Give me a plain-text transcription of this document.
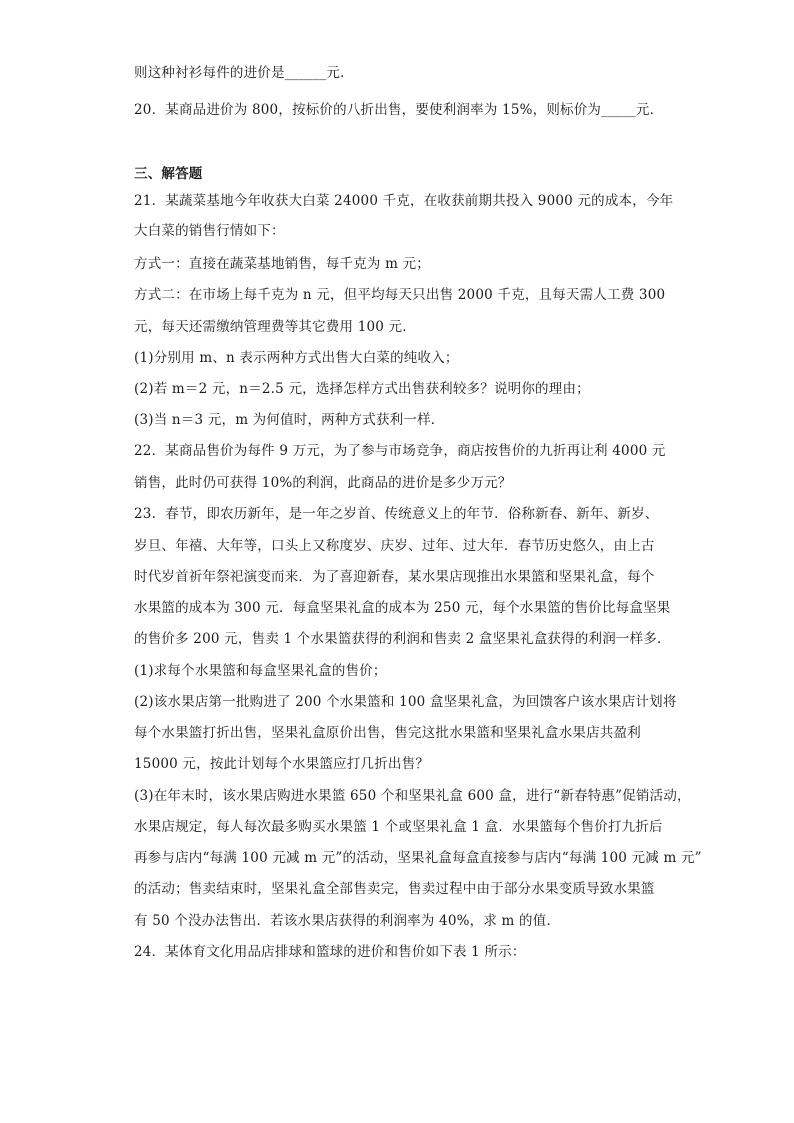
则这种衬衫每件的进价是______元．
20．某商品进价为 800，按标价的八折出售，要使利润率为 15%，则标价为_____元．
三、解答题
21．某蔬菜基地今年收获大白菜 24000 千克，在收获前期共投入 9000 元的成本，今年
大白菜的销售行情如下：
方式一：直接在蔬菜基地销售，每千克为 m 元；
方式二：在市场上每千克为 n 元，但平均每天只出售 2000 千克，且每天需人工费 300
元，每天还需缴纳管理费等其它费用 100 元．
(1)分别用 m、n 表示两种方式出售大白菜的纯收入；
(2)若 m＝2 元，n＝2.5 元，选择怎样方式出售获利较多？说明你的理由；
(3)当 n＝3 元，m 为何值时，两种方式获利一样．
22．某商品售价为每件 9 万元，为了参与市场竞争，商店按售价的九折再让利 4000 元
销售，此时仍可获得 10%的利润，此商品的进价是多少万元？
23．春节，即农历新年，是一年之岁首、传统意义上的年节．俗称新春、新年、新岁、
岁旦、年禧、大年等，口头上又称度岁、庆岁、过年、过大年．春节历史悠久，由上古
时代岁首祈年祭祀演变而来．为了喜迎新春，某水果店现推出水果篮和坚果礼盒，每个
水果篮的成本为 300 元．每盒坚果礼盒的成本为 250 元，每个水果篮的售价比每盒坚果
的售价多 200 元，售卖 1 个水果篮获得的利润和售卖 2 盒坚果礼盒获得的利润一样多．
(1)求每个水果篮和每盒坚果礼盒的售价；
(2)该水果店第一批购进了 200 个水果篮和 100 盒坚果礼盒，为回馈客户该水果店计划将
每个水果篮打折出售，坚果礼盒原价出售，售完这批水果篮和坚果礼盒水果店共盈利
15000 元，按此计划每个水果篮应打几折出售？
(3)在年末时，该水果店购进水果篮 650 个和坚果礼盒 600 盒，进行“新春特惠”促销活动，
水果店规定，每人每次最多购买水果篮 1 个或坚果礼盒 1 盒．水果篮每个售价打九折后
再参与店内“每满 100 元减 m 元”的活动，坚果礼盒每盒直接参与店内“每满 100 元减 m 元”
的活动；售卖结束时，坚果礼盒全部售卖完，售卖过程中由于部分水果变质导致水果篮
有 50 个没办法售出．若该水果店获得的利润率为 40%，求 m 的值．
24．某体育文化用品店排球和篮球的进价和售价如下表 1 所示：
